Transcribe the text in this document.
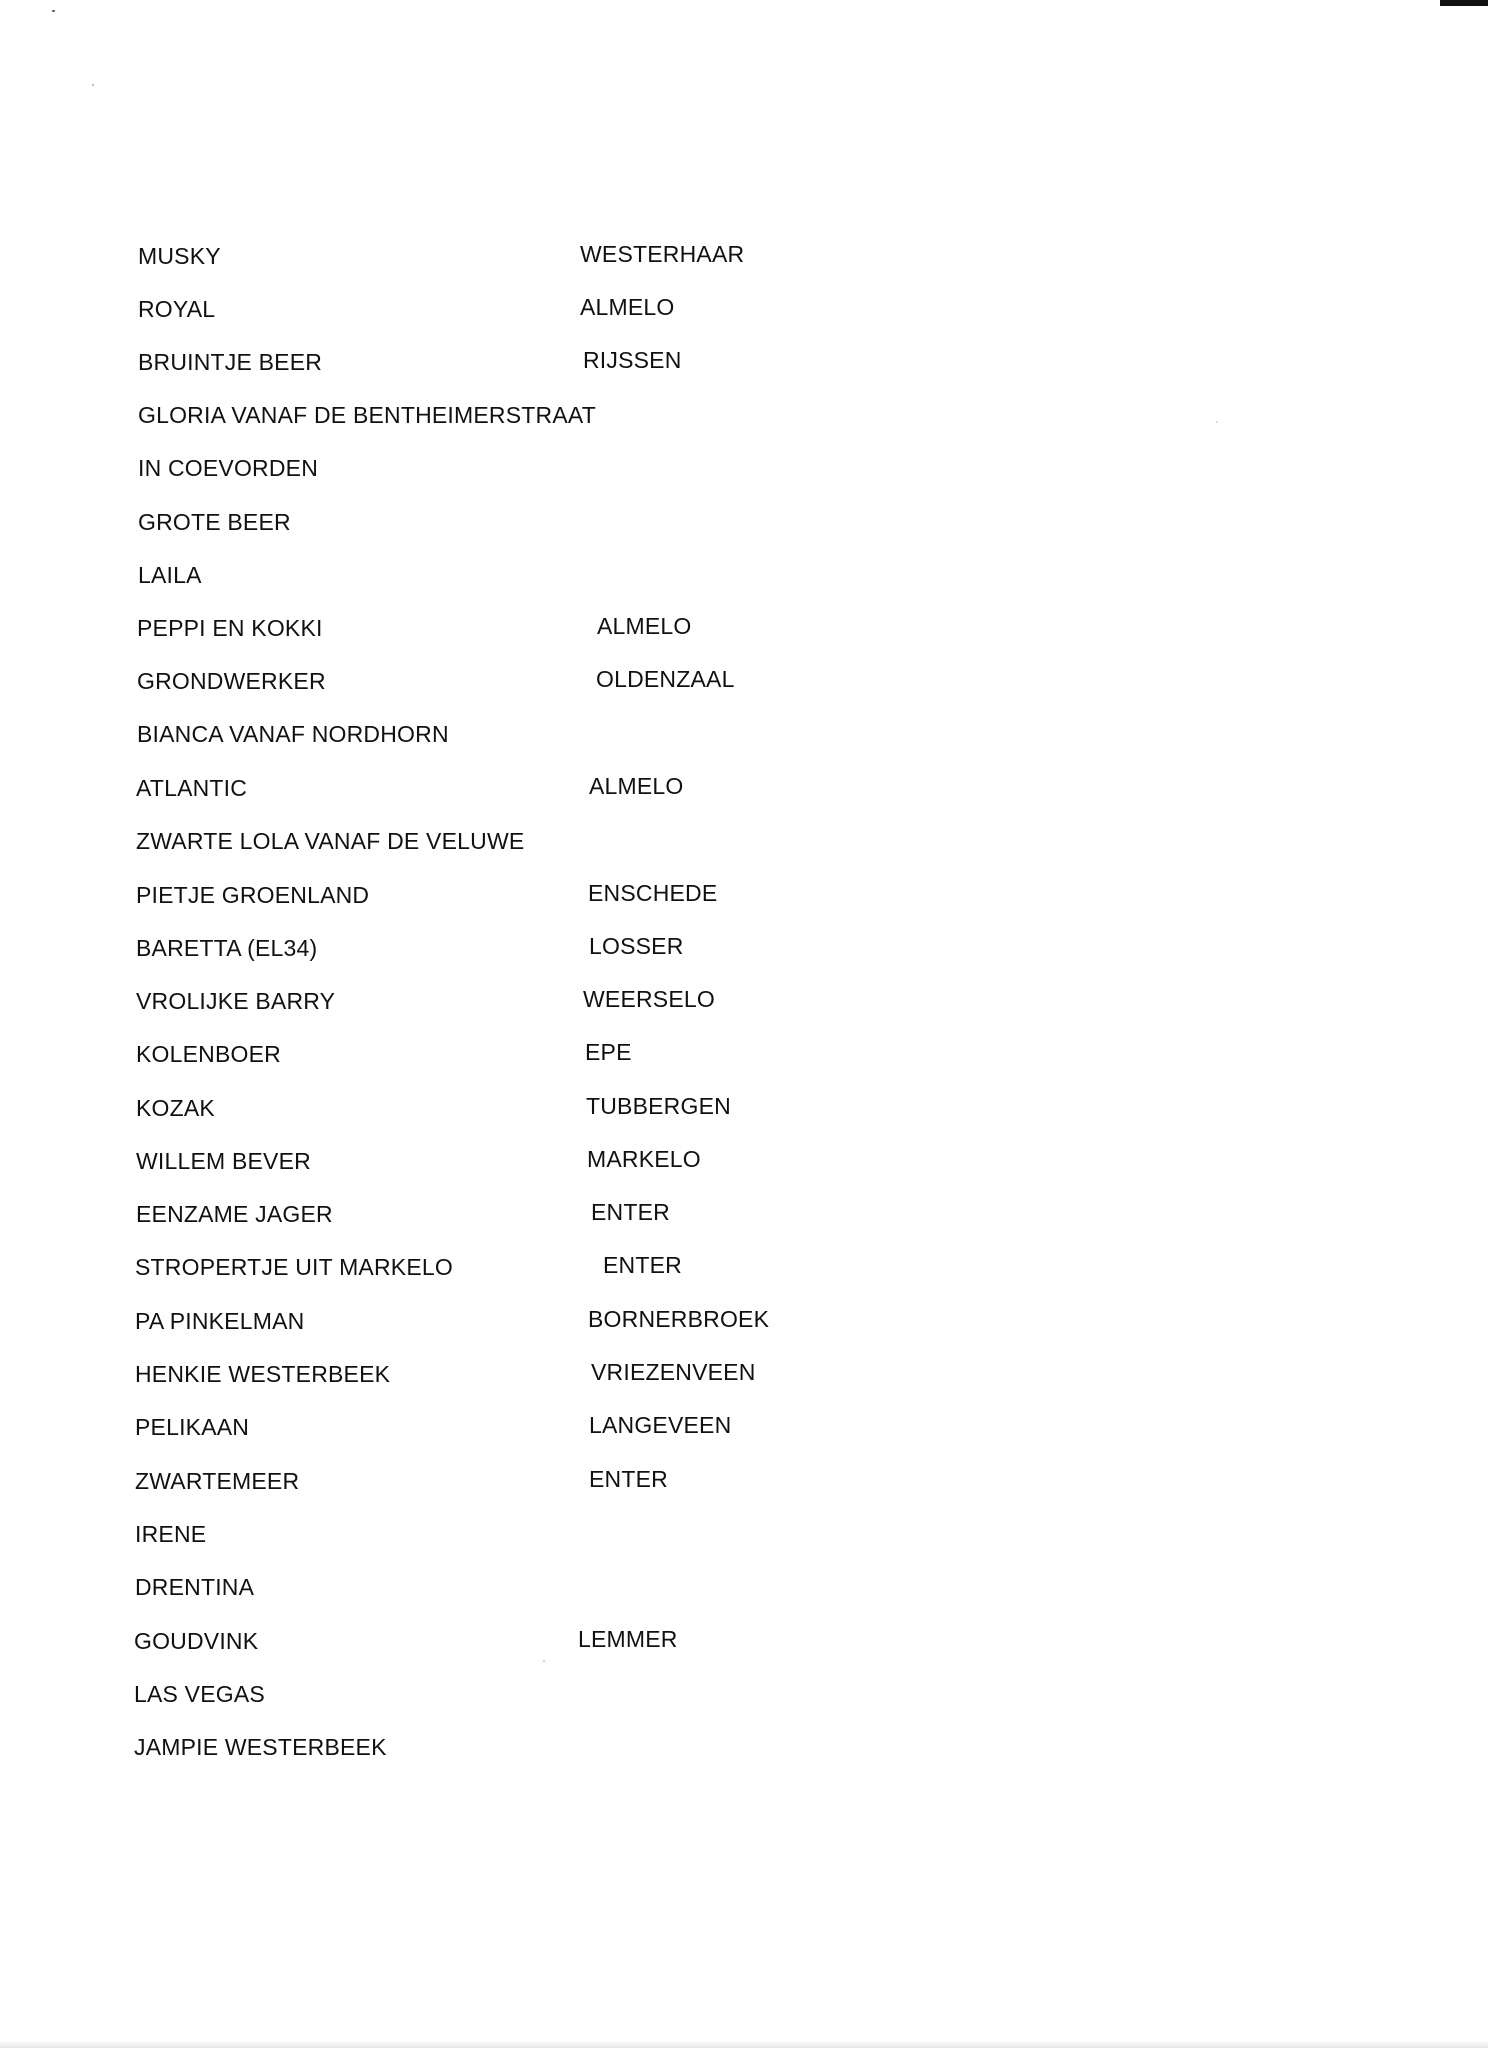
MUSKY	WESTERHAAR
ROYAL	ALMELO
BRUINTJE BEER	RIJSSEN
GLORIA VANAF DE BENTHEIMERSTRAAT
IN COEVORDEN
GROTE BEER
LAILA
PEPPI EN KOKKI	ALMELO
GRONDWERKER	OLDENZAAL
BIANCA VANAF NORDHORN
ATLANTIC	ALMELO
ZWARTE LOLA VANAF DE VELUWE
PIETJE GROENLAND	ENSCHEDE
BARETTA (EL34)	LOSSER
VROLIJKE BARRY	WEERSELO
KOLENBOER	EPE
KOZAK	TUBBERGEN
WILLEM BEVER	MARKELO
EENZAME JAGER	ENTER
STROPERTJE UIT MARKELO	ENTER
PA PINKELMAN	BORNERBROEK
HENKIE WESTERBEEK	VRIEZENVEEN
PELIKAAN	LANGEVEEN
ZWARTEMEER	ENTER
IRENE
DRENTINA
GOUDVINK	LEMMER
LAS VEGAS
JAMPIE WESTERBEEK
